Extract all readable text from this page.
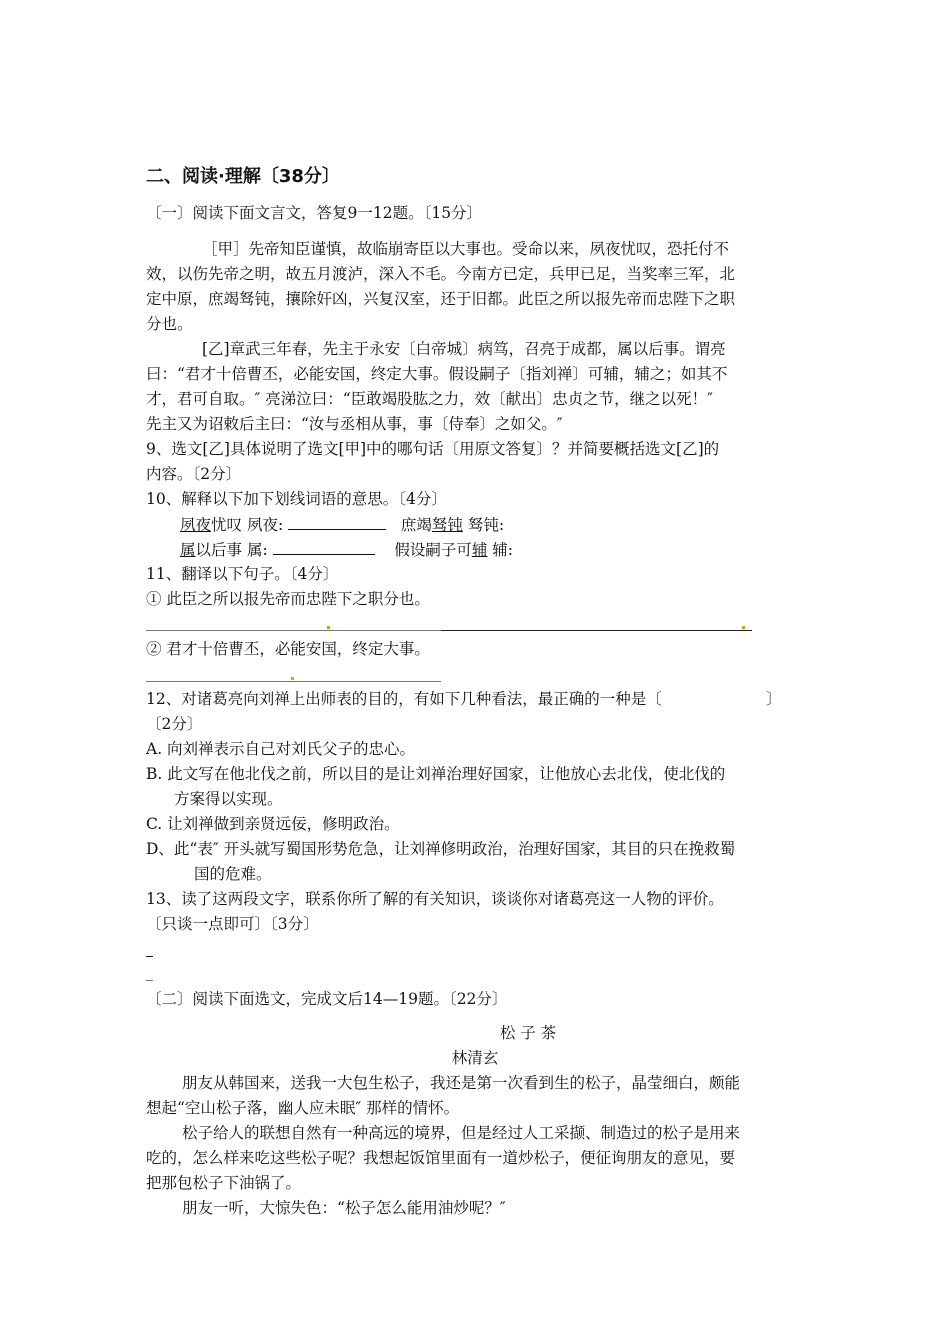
二、阅读·理解〔38分〕
〔一〕阅读下面文言文，答复9一12题。〔15分〕
［甲］先帝知臣谨慎，故临崩寄臣以大事也。受命以来，夙夜忧叹，恐托付不
效，以伤先帝之明，故五月渡泸，深入不毛。今南方已定，兵甲已足，当奖率三军，北
定中原，庶竭驽钝，攘除奸凶，兴复汉室，还于旧都。此臣之所以报先帝而忠陛下之职
分也。
[乙]章武三年春，先主于永安〔白帝城〕病笃，召亮于成都，属以后事。谓亮
曰：“君才十倍曹丕，必能安国，终定大事。假设嗣子〔指刘禅〕可辅，辅之；如其不
才，君可自取。″ 亮涕泣曰：“臣敢竭股肱之力，效〔献出〕忠贞之节，继之以死！″
先主又为诏敕后主曰：“汝与丞相从事，事〔侍奉〕之如父。″
9、选文[乙]具体说明了选文[甲]中的哪句话〔用原文答复〕？并简要概括选文[乙]的
内容。〔2分〕
10、解释以下加下划线词语的意思。〔4分〕
夙夜忧叹 夙夜:	庶竭驽钝 驽钝:
属以后事 属:	假设嗣子可辅 辅:
11、翻译以下句子。〔4分〕
① 此臣之所以报先帝而忠陛下之职分也。
② 君才十倍曹丕，必能安国，终定大事。
12、对诸葛亮向刘禅上出师表的目的，有如下几种看法，最正确的一种是〔	〕
〔2分〕
A. 向刘禅表示自己对刘氏父子的忠心。
B. 此文写在他北伐之前，所以目的是让刘禅治理好国家，让他放心去北伐，使北伐的
方案得以实现。
C. 让刘禅做到亲贤远佞，修明政治。
D、此“表″ 开头就写蜀国形势危急，让刘禅修明政治，治理好国家，其目的只在挽救蜀
国的危难。
13、读了这两段文字，联系你所了解的有关知识，谈谈你对诸葛亮这一人物的评价。
〔只谈一点即可〕〔3分〕
〔二〕阅读下面选文，完成文后14—19题。〔22分〕
松 子 茶
林清玄
朋友从韩国来，送我一大包生松子，我还是第一次看到生的松子，晶莹细白，颇能
想起“空山松子落，幽人应未眠″ 那样的情怀。
松子给人的联想自然有一种高远的境界，但是经过人工采撷、制造过的松子是用来
吃的，怎么样来吃这些松子呢？我想起饭馆里面有一道炒松子，便征询朋友的意见，要
把那包松子下油锅了。
朋友一听，大惊失色：“松子怎么能用油炒呢？″
